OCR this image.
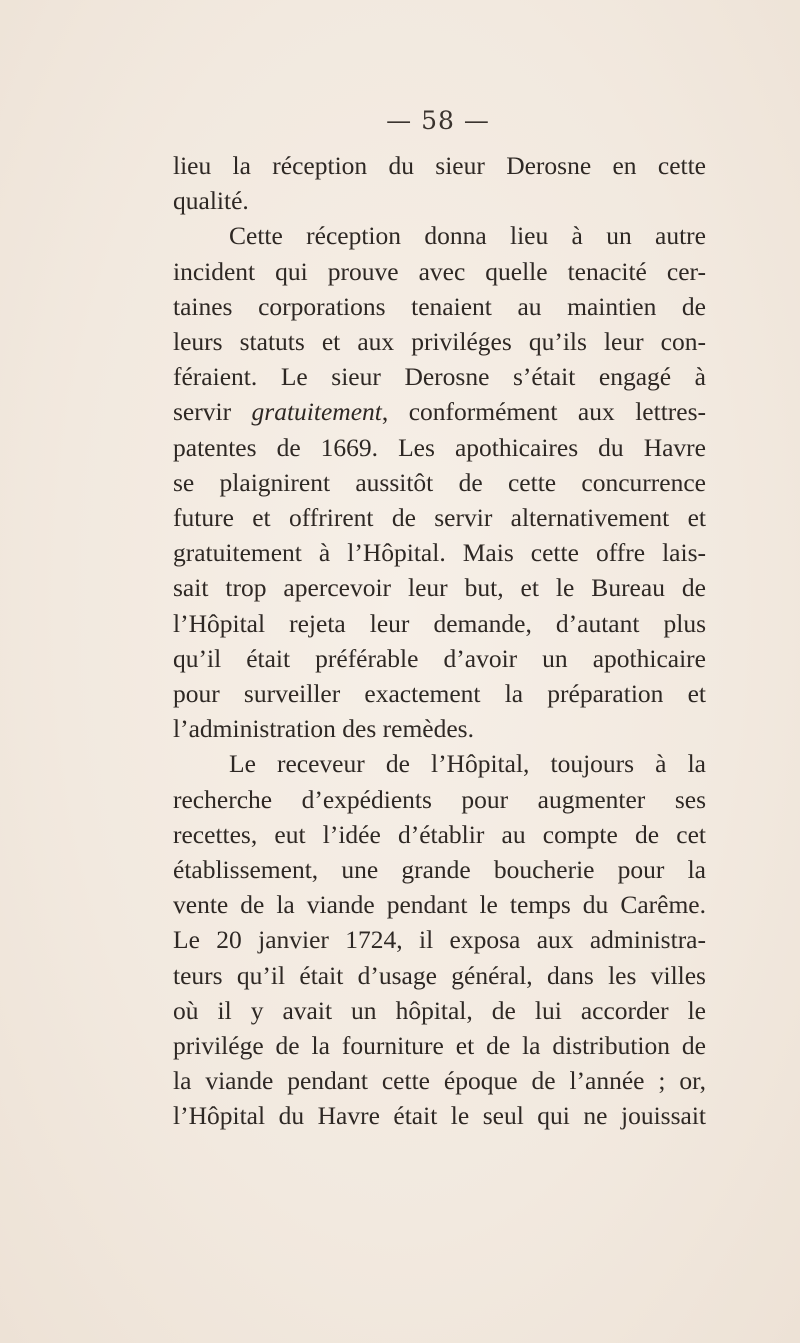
— 58 —
lieu la réception du sieur Derosne en cette
qualité.
Cette réception donna lieu à un autre
incident qui prouve avec quelle tenacité cer-
taines corporations tenaient au maintien de
leurs statuts et aux priviléges qu’ils leur con-
féraient. Le sieur Derosne s’était engagé à
servir gratuitement, conformément aux lettres-
patentes de 1669. Les apothicaires du Havre
se plaignirent aussitôt de cette concurrence
future et offrirent de servir alternativement et
gratuitement à l’Hôpital. Mais cette offre lais-
sait trop apercevoir leur but, et le Bureau de
l’Hôpital rejeta leur demande, d’autant plus
qu’il était préférable d’avoir un apothicaire
pour surveiller exactement la préparation et
l’administration des remèdes.
Le receveur de l’Hôpital, toujours à la
recherche d’expédients pour augmenter ses
recettes, eut l’idée d’établir au compte de cet
établissement, une grande boucherie pour la
vente de la viande pendant le temps du Carême.
Le 20 janvier 1724, il exposa aux administra-
teurs qu’il était d’usage général, dans les villes
où il y avait un hôpital, de lui accorder le
privilége de la fourniture et de la distribution de
la viande pendant cette époque de l’année ; or,
l’Hôpital du Havre était le seul qui ne jouissait
